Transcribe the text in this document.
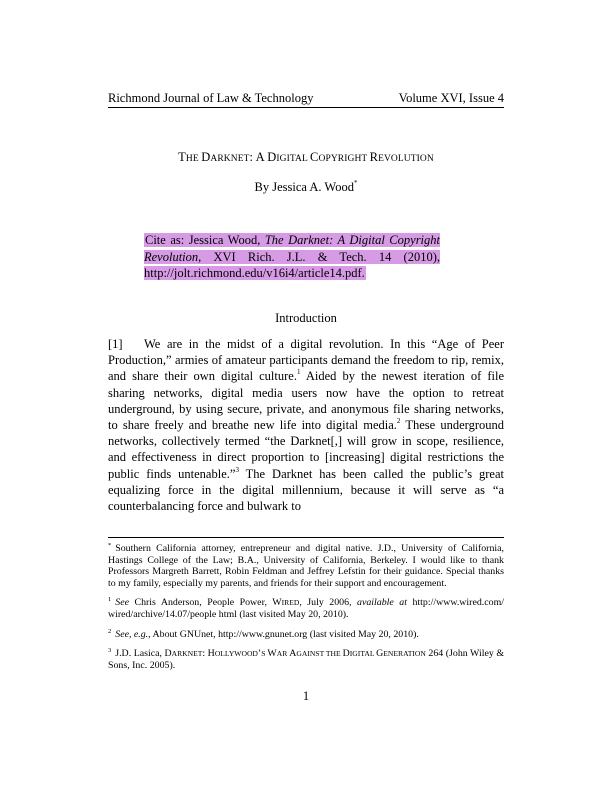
Richmond Journal of Law & Technology	Volume XVI, Issue 4
THE DARKNET: A DIGITAL COPYRIGHT REVOLUTION
By Jessica A. Wood*
Cite as: Jessica Wood, The Darknet: A Digital Copyright Revolution, XVI Rich. J.L. & Tech. 14 (2010), http://jolt.richmond.edu/v16i4/article14.pdf.
Introduction
[1] We are in the midst of a digital revolution. In this “Age of Peer Production,” armies of amateur participants demand the freedom to rip, remix, and share their own digital culture.$^1$ Aided by the newest iteration of file sharing networks, digital media users now have the option to retreat underground, by using secure, private, and anonymous file sharing networks, to share freely and breathe new life into digital media.$^2$ These underground networks, collectively termed “the Darknet[,] will grow in scope, resilience, and effectiveness in direct proportion to [increasing] digital restrictions the public finds untenable.”$^3$ The Darknet has been called the public’s great equalizing force in the digital millennium, because it will serve as “a counterbalancing force and bulwark to

* Southern California attorney, entrepreneur and digital native. J.D., University of California, Hastings College of the Law; B.A., University of California, Berkeley. I would like to thank Professors Margreth Barrett, Robin Feldman and Jeffrey Lefstin for their guidance. Special thanks to my family, especially my parents, and friends for their support and encouragement.

$^1$ See Chris Anderson, People Power, WIRED, July 2006, available at http://www.wired.com/ wired/archive/14.07/people html (last visited May 20, 2010).

$^2$ See, e.g., About GNUnet, http://www.gnunet.org (last visited May 20, 2010).

$^3$ J.D. Lasica, DARKNET: HOLLYWOOD’S WAR AGAINST THE DIGITAL GENERATION 264 (John Wiley & Sons, Inc. 2005).

1
